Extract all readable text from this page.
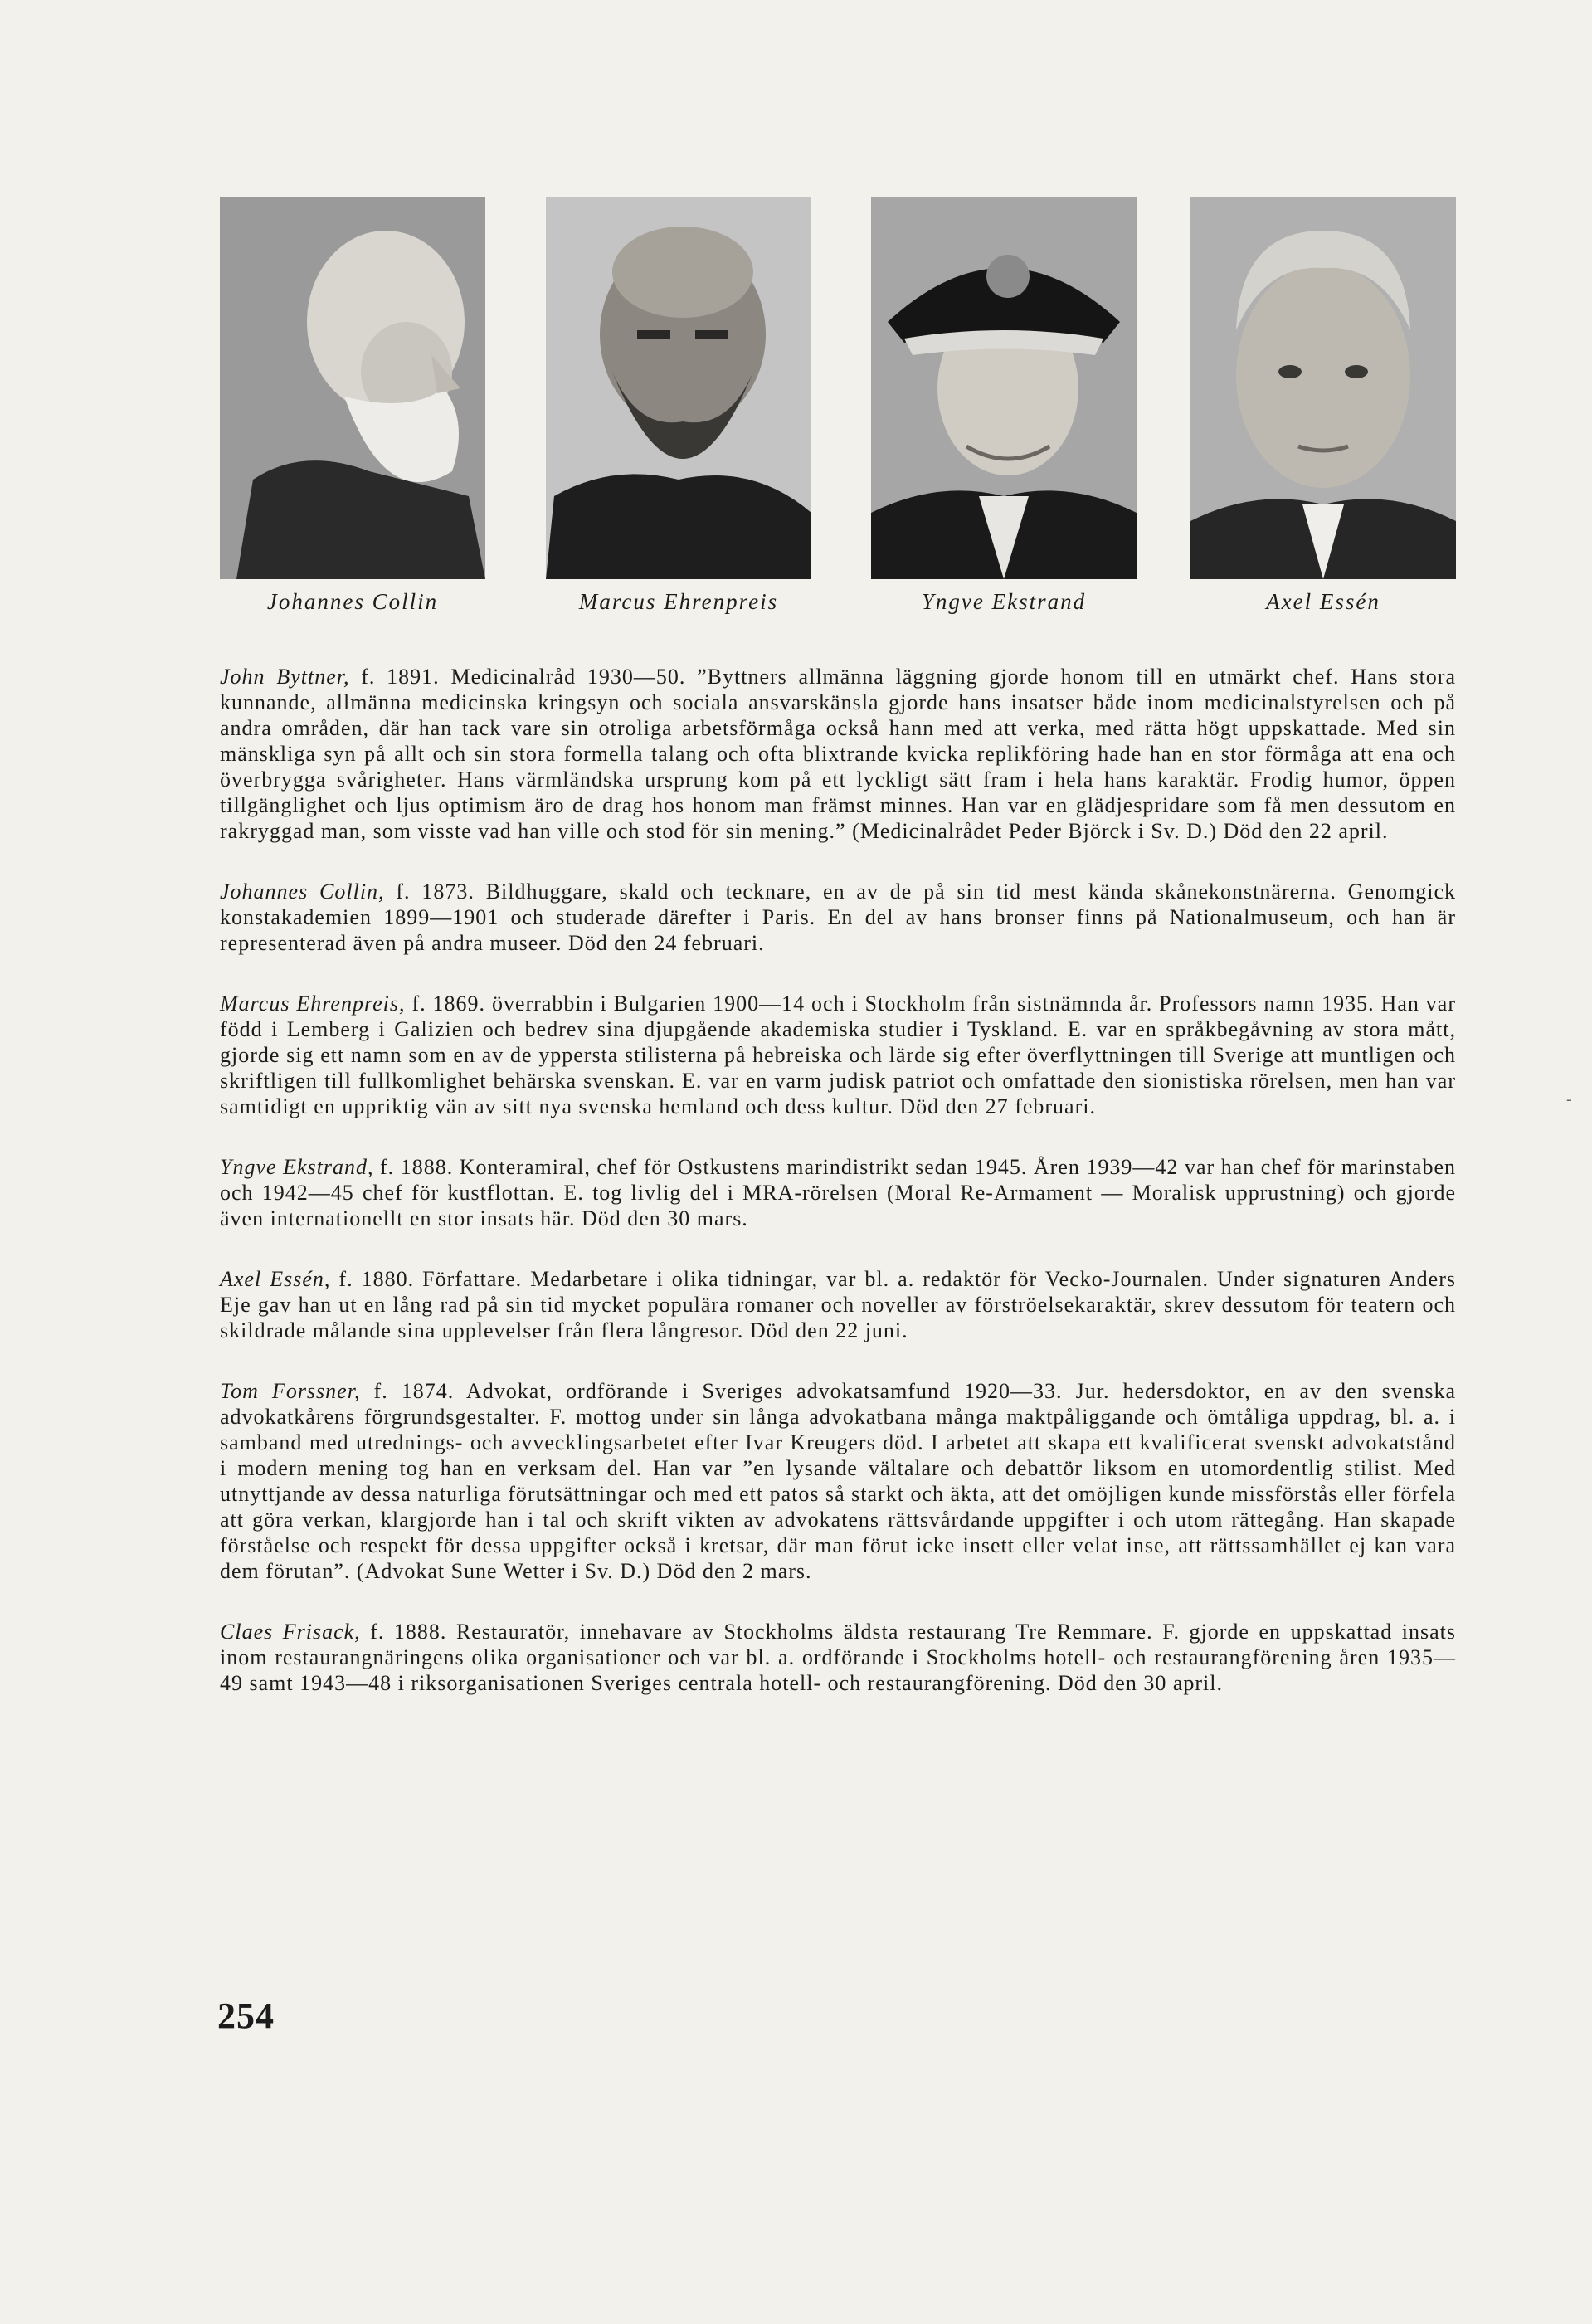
Johannes Collin	Marcus Ehrenpreis	Yngve Ekstrand	Axel Essén

John Byttner, f. 1891. Medicinalråd 1930—50. ”Byttners allmänna läggning gjorde honom till en utmärkt chef. Hans stora kunnande, allmänna medicinska kringsyn och sociala ansvarskänsla gjorde hans insatser både inom medicinalstyrelsen och på andra områden, där han tack vare sin otroliga arbetsförmåga också hann med att verka, med rätta högt uppskattade. Med sin mänskliga syn på allt och sin stora formella talang och ofta blixtrande kvicka replikföring hade han en stor förmåga att ena och överbrygga svårigheter. Hans värmländska ursprung kom på ett lyckligt sätt fram i hela hans karaktär. Frodig humor, öppen tillgänglighet och ljus optimism äro de drag hos honom man främst minnes. Han var en glädjespridare som få men dessutom en rakryggad man, som visste vad han ville och stod för sin mening.” (Medicinalrådet Peder Björck i Sv. D.) Död den 22 april.

Johannes Collin, f. 1873. Bildhuggare, skald och tecknare, en av de på sin tid mest kända skånekonstnärerna. Genomgick konstakademien 1899—1901 och studerade därefter i Paris. En del av hans bronser finns på Nationalmuseum, och han är representerad även på andra museer. Död den 24 februari.

Marcus Ehrenpreis, f. 1869. överrabbin i Bulgarien 1900—14 och i Stockholm från sistnämnda år. Professors namn 1935. Han var född i Lemberg i Galizien och bedrev sina djupgående akademiska studier i Tyskland. E. var en språkbegåvning av stora mått, gjorde sig ett namn som en av de yppersta stilisterna på hebreiska och lärde sig efter överflyttningen till Sverige att muntligen och skriftligen till fullkomlighet behärska svenskan. E. var en varm judisk patriot och omfattade den sionistiska rörelsen, men han var samtidigt en uppriktig vän av sitt nya svenska hemland och dess kultur. Död den 27 februari.

Yngve Ekstrand, f. 1888. Konteramiral, chef för Ostkustens marindistrikt sedan 1945. Åren 1939—42 var han chef för marinstaben och 1942—45 chef för kustflottan. E. tog livlig del i MRA-rörelsen (Moral Re-Armament — Moralisk upprustning) och gjorde även internationellt en stor insats här. Död den 30 mars.

Axel Essén, f. 1880. Författare. Medarbetare i olika tidningar, var bl. a. redaktör för Vecko-Journalen. Under signaturen Anders Eje gav han ut en lång rad på sin tid mycket populära romaner och noveller av förströelsekaraktär, skrev dessutom för teatern och skildrade målande sina upplevelser från flera långresor. Död den 22 juni.

Tom Forssner, f. 1874. Advokat, ordförande i Sveriges advokatsamfund 1920—33. Jur. hedersdoktor, en av den svenska advokatkårens förgrundsgestalter. F. mottog under sin långa advokatbana många maktpåliggande och ömtåliga uppdrag, bl. a. i samband med utrednings- och avvecklingsarbetet efter Ivar Kreugers död. I arbetet att skapa ett kvalificerat svenskt advokatstånd i modern mening tog han en verksam del. Han var ”en lysande vältalare och debattör liksom en utomordentlig stilist. Med utnyttjande av dessa naturliga förutsättningar och med ett patos så starkt och äkta, att det omöjligen kunde missförstås eller förfela att göra verkan, klargjorde han i tal och skrift vikten av advokatens rättsvårdande uppgifter i och utom rättegång. Han skapade förståelse och respekt för dessa uppgifter också i kretsar, där man förut icke insett eller velat inse, att rättssamhället ej kan vara dem förutan”. (Advokat Sune Wetter i Sv. D.) Död den 2 mars.

Claes Frisack, f. 1888. Restauratör, innehavare av Stockholms äldsta restaurang Tre Remmare. F. gjorde en uppskattad insats inom restaurangnäringens olika organisationer och var bl. a. ordförande i Stockholms hotell- och restaurangförening åren 1935—49 samt 1943—48 i riksorganisationen Sveriges centrala hotell- och restaurangförening. Död den 30 april.

254
-
